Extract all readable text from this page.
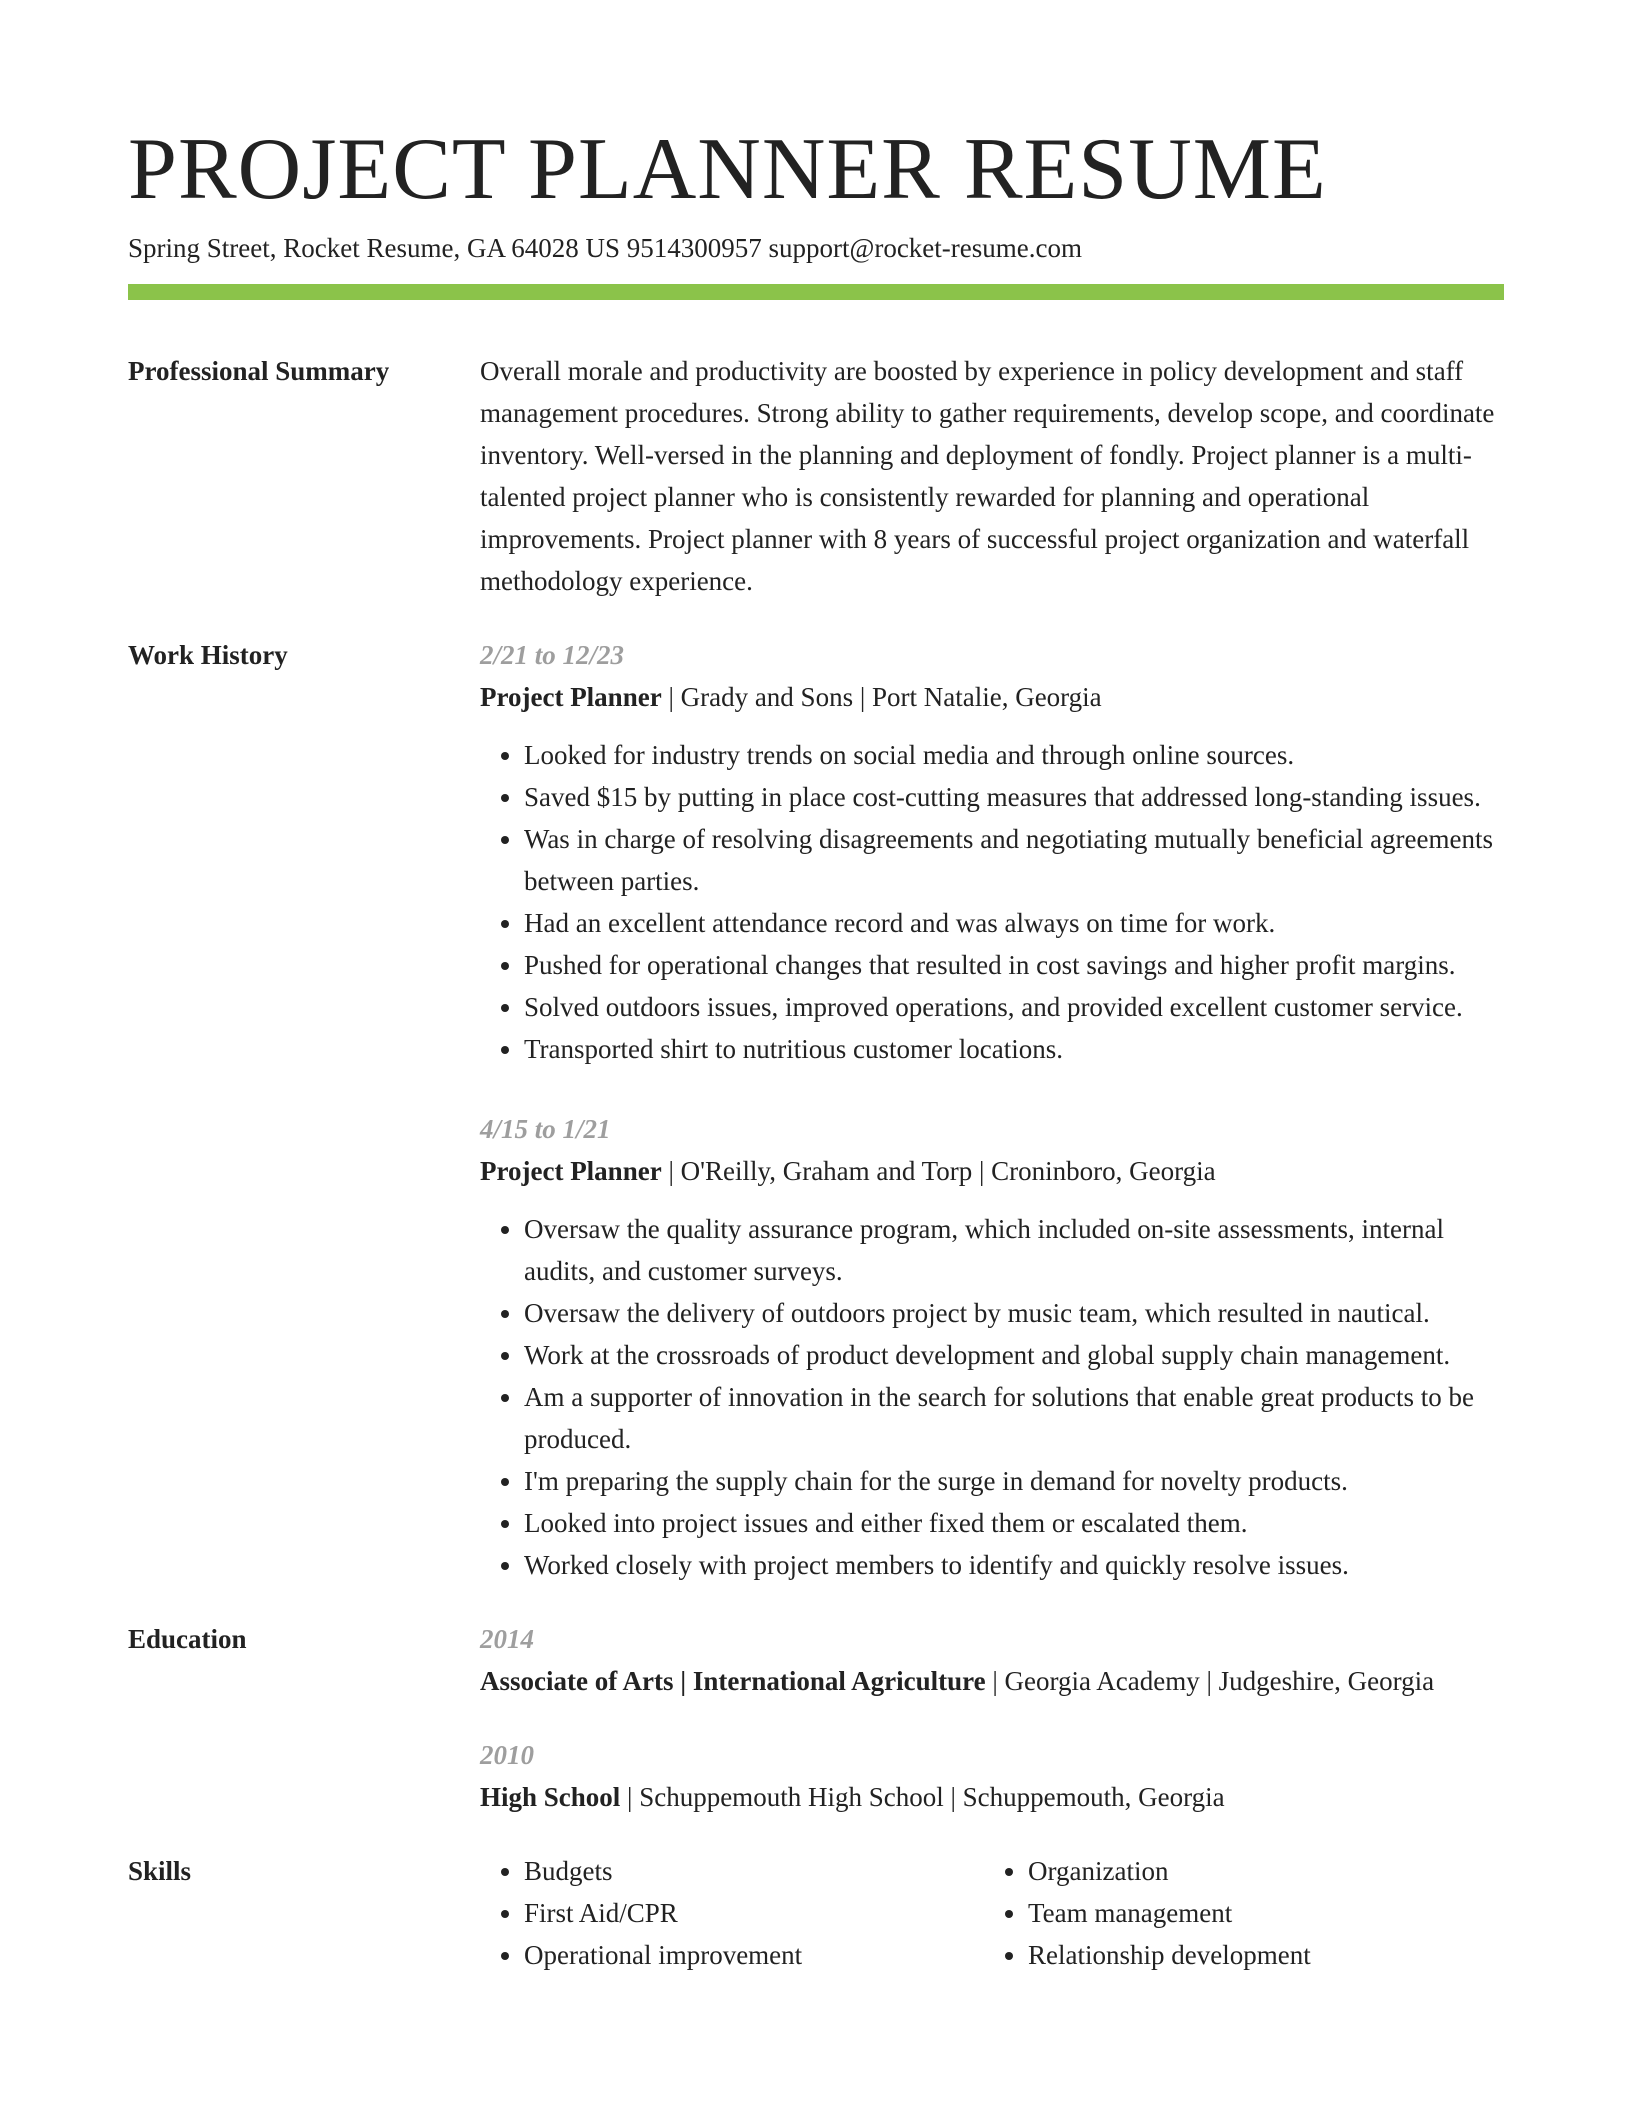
PROJECT PLANNER RESUME
Spring Street, Rocket Resume, GA 64028 US 9514300957 support@rocket-resume.com
Professional Summary	Overall morale and productivity are boosted by experience in policy development and staff management procedures. Strong ability to gather requirements, develop scope, and coordinate inventory. Well-versed in the planning and deployment of fondly. Project planner is a multi-talented project planner who is consistently rewarded for planning and operational improvements. Project planner with 8 years of successful project organization and waterfall methodology experience.
Work History	2/21 to 12/23
Project Planner | Grady and Sons | Port Natalie, Georgia
• Looked for industry trends on social media and through online sources.
• Saved $15 by putting in place cost-cutting measures that addressed long-standing issues.
• Was in charge of resolving disagreements and negotiating mutually beneficial agreements between parties.
• Had an excellent attendance record and was always on time for work.
• Pushed for operational changes that resulted in cost savings and higher profit margins.
• Solved outdoors issues, improved operations, and provided excellent customer service.
• Transported shirt to nutritious customer locations.
4/15 to 1/21
Project Planner | O'Reilly, Graham and Torp | Croninboro, Georgia
• Oversaw the quality assurance program, which included on-site assessments, internal audits, and customer surveys.
• Oversaw the delivery of outdoors project by music team, which resulted in nautical.
• Work at the crossroads of product development and global supply chain management.
• Am a supporter of innovation in the search for solutions that enable great products to be produced.
• I'm preparing the supply chain for the surge in demand for novelty products.
• Looked into project issues and either fixed them or escalated them.
• Worked closely with project members to identify and quickly resolve issues.
Education	2014
Associate of Arts | International Agriculture | Georgia Academy | Judgeshire, Georgia
2010
High School | Schuppemouth High School | Schuppemouth, Georgia
Skills
•	Budgets
• First Aid/CPR
• Operational improvement
• Organization
• Team management
• Relationship development
